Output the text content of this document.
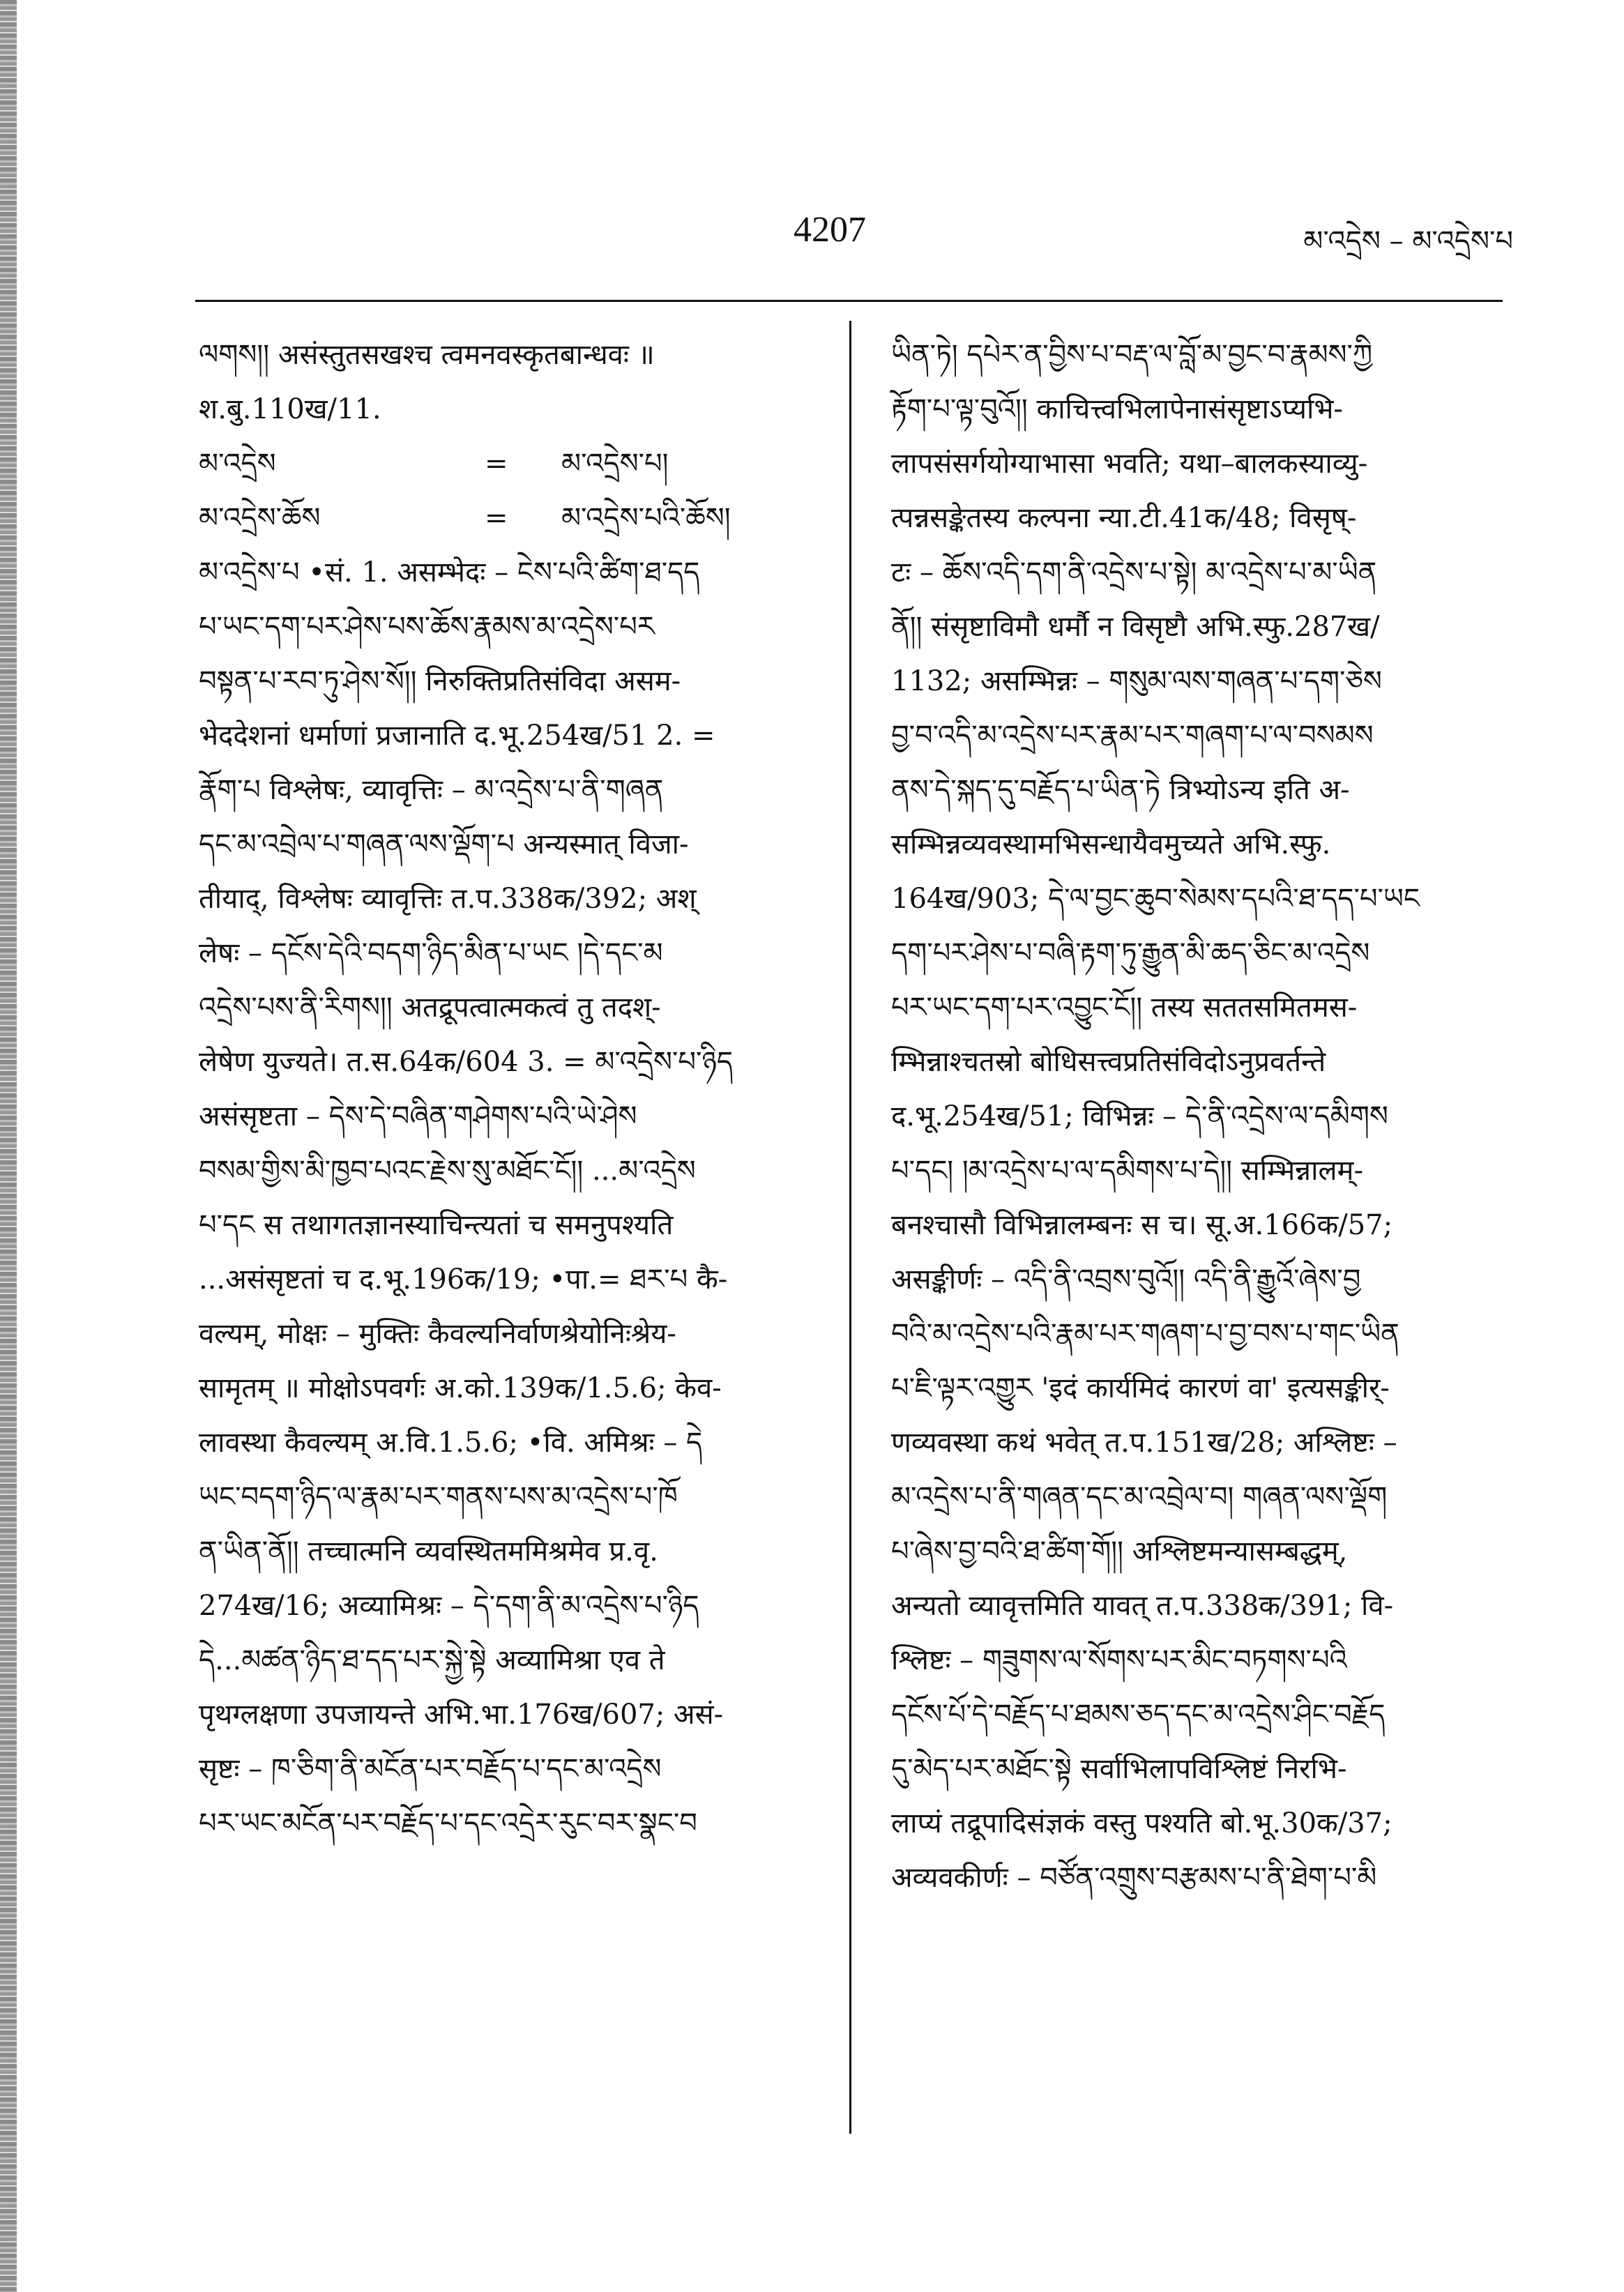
4207	མ་འདྲེས – མ་འདྲེས་པ
ལགས།། असंस्तुतसखश्च त्वमनवस्कृतबान्धवः ॥
श.बु.110ख/11.
མ་འདྲེས	=	མ་འདྲེས་པ།
མ་འདྲེས་ཆོས	=	མ་འདྲེས་པའི་ཆོས།
མ་འདྲེས་པ •सं. 1. असम्भेदः – ངེས་པའི་ཚིག་ཐ་དད
པ་ཡང་དག་པར་ཤེས་པས་ཆོས་རྣམས་མ་འདྲེས་པར
བསྟན་པ་རབ་ཏུ་ཤེས་སོ།། निरुक्तिप्रतिसंविदा असम-
भेददेशनां धर्माणां प्रजानाति द.भू.254ख/51 2. =
རྣོག་པ विश्लेषः, व्यावृत्तिः – མ་འདྲེས་པ་ནི་གཞན
དང་མ་འབྲེལ་པ་གཞན་ལས་ལྡོག་པ अन्यस्मात् विजा-
तीयाद्, विश्लेषः व्यावृत्तिः त.प.338क/392; अश्
लेषः – དངོས་དེའི་བདག་ཉིད་མིན་པ་ཡང །དེ་དང་མ
འདྲེས་པས་ནི་རིགས།། अतद्रूपत्वात्मकत्वं तु तदश्-
लेषेण युज्यते। त.स.64क/604 3. = མ་འདྲེས་པ་ཉིད
असंसृष्टता – དེས་དེ་བཞིན་གཤེགས་པའི་ཡེ་ཤེས
བསམ་གྱིས་མི་ཁྱབ་པའང་རྗེས་སུ་མཐོང་ངོ།། ...མ་འདྲེས
པ་དང स तथागतज्ञानस्याचिन्त्यतां च समनुपश्यति
...असंसृष्टतां च द.भू.196क/19; •पा.= ཐར་པ कै-
वल्यम्, मोक्षः – मुक्तिः कैवल्यनिर्वाणश्रेयोनिःश्रेय-
सामृतम् ॥ मोक्षोऽपवर्गः अ.को.139क/1.5.6; केव-
लावस्था कैवल्यम् अ.वि.1.5.6; •वि. अमिश्रः – དེ
ཡང་བདག་ཉིད་ལ་རྣམ་པར་གནས་པས་མ་འདྲེས་པ་ཁོ
ན་ཡིན་ནོ།། तच्चात्मनि व्यवस्थितममिश्रमेव प्र.वृ.
274ख/16; अव्यामिश्रः – དེ་དག་ནི་མ་འདྲེས་པ་ཉིད
དེ...མཚན་ཉིད་ཐ་དད་པར་སྐྱེ་སྟེ अव्यामिश्रा एव ते
पृथग्लक्षणा उपजायन्ते अभि.भा.176ख/607; असं-
सृष्टः – ཁ་ཅིག་ནི་མངོན་པར་བརྗོད་པ་དང་མ་འདྲེས
པར་ཡང་མངོན་པར་བརྗོད་པ་དང་འདྲེར་རུང་བར་སྣང་བ
ཡིན་ཏེ། དཔེར་ན་བྱིས་པ་བརྡ་ལ་བློ་མ་བྱང་བ་རྣམས་ཀྱི
རྟོག་པ་ལྟ་བུའོ།། काचित्त्वभिलापेनासंसृष्टाऽप्यभि-
लापसंसर्गयोग्याभासा भवति; यथा–बालकस्याव्यु-
त्पन्नसङ्केतस्य कल्पना न्या.टी.41क/48; विसृष्-
टः – ཆོས་འདི་དག་ནི་འདྲེས་པ་སྟེ། མ་འདྲེས་པ་མ་ཡིན
ནོ།། संसृष्टाविमौ धर्मौ न विसृष्टौ अभि.स्फु.287ख/
1132; असम्भिन्नः – གསུམ་ལས་གཞན་པ་དག་ཅེས
བྱ་བ་འདི་མ་འདྲེས་པར་རྣམ་པར་གཞག་པ་ལ་བསམས
ནས་དེ་སྐད་དུ་བརྗོད་པ་ཡིན་ཏེ त्रिभ्योऽन्य इति अ-
सम्भिन्नव्यवस्थामभिसन्धायैवमुच्यते अभि.स्फु.
164ख/903; དེ་ལ་བྱང་ཆུབ་སེམས་དཔའི་ཐ་དད་པ་ཡང
དག་པར་ཤེས་པ་བཞི་རྟག་ཏུ་རྒྱུན་མི་ཆད་ཅིང་མ་འདྲེས
པར་ཡང་དག་པར་འབྱུང་ངོ།། तस्य सततसमितमस-
म्भिन्नाश्चतस्रो बोधिसत्त्वप्रतिसंविदोऽनुप्रवर्तन्ते
द.भू.254ख/51; विभिन्नः – དེ་ནི་འདྲེས་ལ་དམིགས
པ་དང། །མ་འདྲེས་པ་ལ་དམིགས་པ་དེ།། सम्भिन्नालम्-
बनश्चासौ विभिन्नालम्बनः स च। सू.अ.166क/57;
असङ्कीर्णः – འདི་ནི་འབྲས་བུའོ།། འདི་ནི་རྒྱུའོ་ཞེས་བྱ
བའི་མ་འདྲེས་པའི་རྣམ་པར་གཞག་པ་བྱ་བས་པ་གང་ཡིན
པ་ཇི་ལྟར་འགྱུར 'इदं कार्यमिदं कारणं वा' इत्यसङ्कीर्-
णव्यवस्था कथं भवेत् त.प.151ख/28; अश्लिष्टः –
མ་འདྲེས་པ་ནི་གཞན་དང་མ་འབྲེལ་བ། གཞན་ལས་ལྡོག
པ་ཞེས་བྱ་བའི་ཐ་ཚིག་གོ།། अश्लिष्टमन्यासम्बद्धम्,
अन्यतो व्यावृत्तमिति यावत् त.प.338क/391; वि-
श्लिष्टः – གཟུགས་ལ་སོགས་པར་མིང་བཏགས་པའི
དངོས་པོ་དེ་བརྗོད་པ་ཐམས་ཅད་དང་མ་འདྲེས་ཤིང་བརྗོད
དུ་མེད་པར་མཐོང་སྟེ सर्वाभिलापविश्लिष्टं निरभि-
लाप्यं तद्रूपादिसंज्ञकं वस्तु पश्यति बो.भू.30क/37;
अव्यवकीर्णः – བཙོན་འགྲུས་བརྩམས་པ་ནི་ཐེག་པ་མི
